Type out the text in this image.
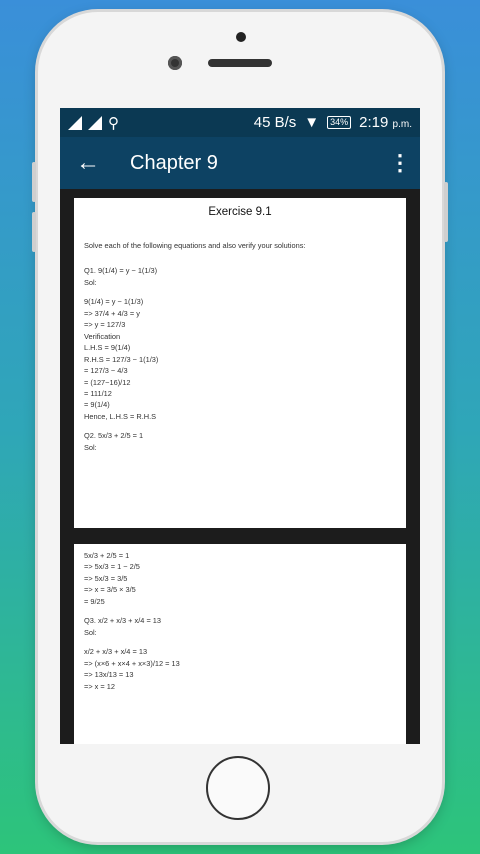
⚲	45 B/s ▼	34% 2:19 p.m.
←	Chapter 9	⋮
Exercise 9.1
Solve each of the following equations and also verify your solutions:
Q1. 9(1/4) = y − 1(1/3)
Sol:
9(1/4) = y − 1(1/3)
=> 37/4 + 4/3 = y
=> y = 127/3
Verification
L.H.S = 9(1/4)
R.H.S = 127/3 − 1(1/3)
= 127/3 − 4/3
= (127−16)/12
= 111/12
= 9(1/4)
Hence, L.H.S = R.H.S
Q2. 5x/3 + 2/5 = 1
Sol:
5x/3 + 2/5 = 1
=> 5x/3 = 1 − 2/5
=> 5x/3 = 3/5
=> x = 3/5 × 3/5
= 9/25
Q3. x/2 + x/3 + x/4 = 13
Sol:
x/2 + x/3 + x/4 = 13
=> (x×6 + x×4 + x×3)/12 = 13
=> 13x/13 = 13
=> x = 12
